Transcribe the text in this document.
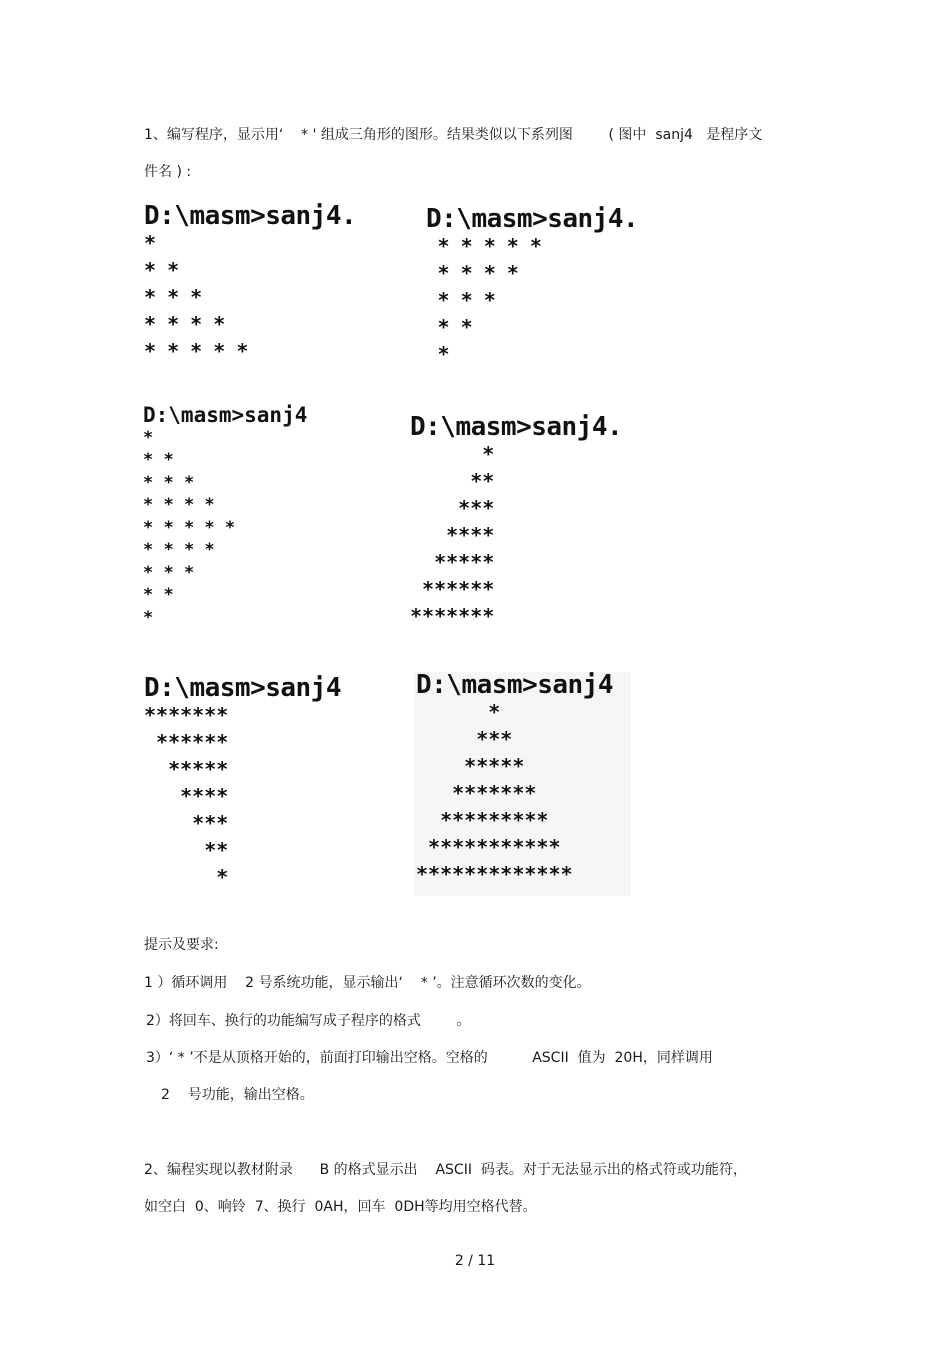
1、编写程序，显示用‘    * ' 组成三角形的图形。结果类似以下系列图        ( 图中  sanj4   是程序文
件名 ) :
D:\masm>sanj4.
*
* *
* * *
* * * *
* * * * *
D:\masm>sanj4.
* * * * *
* * * *
* * *
* *
*
D:\masm>sanj4
*
* *
* * *
* * * *
* * * * *
* * * *
* * *
* *
*
D:\masm>sanj4.
*
**
***
****
*****
******
*******
D:\masm>sanj4
*******
******
*****
****
***
**
*
D:\masm>sanj4
*
***
*****
*******
*********
***********
*************
提示及要求:
1 ）循环调用    2 号系统功能，显示输出‘    * ’。注意循环次数的变化。
2）将回车、换行的功能编写成子程序的格式        。
3）‘ * ’不是从顶格开始的，前面打印输出空格。空格的          ASCII  值为  20H，同样调用
2    号功能，输出空格。
2、编程实现以教材附录      B 的格式显示出    ASCII  码表。对于无法显示出的格式符或功能符，
如空白  0、响铃  7、换行  0AH，回车  0DH等均用空格代替。
2 / 11
